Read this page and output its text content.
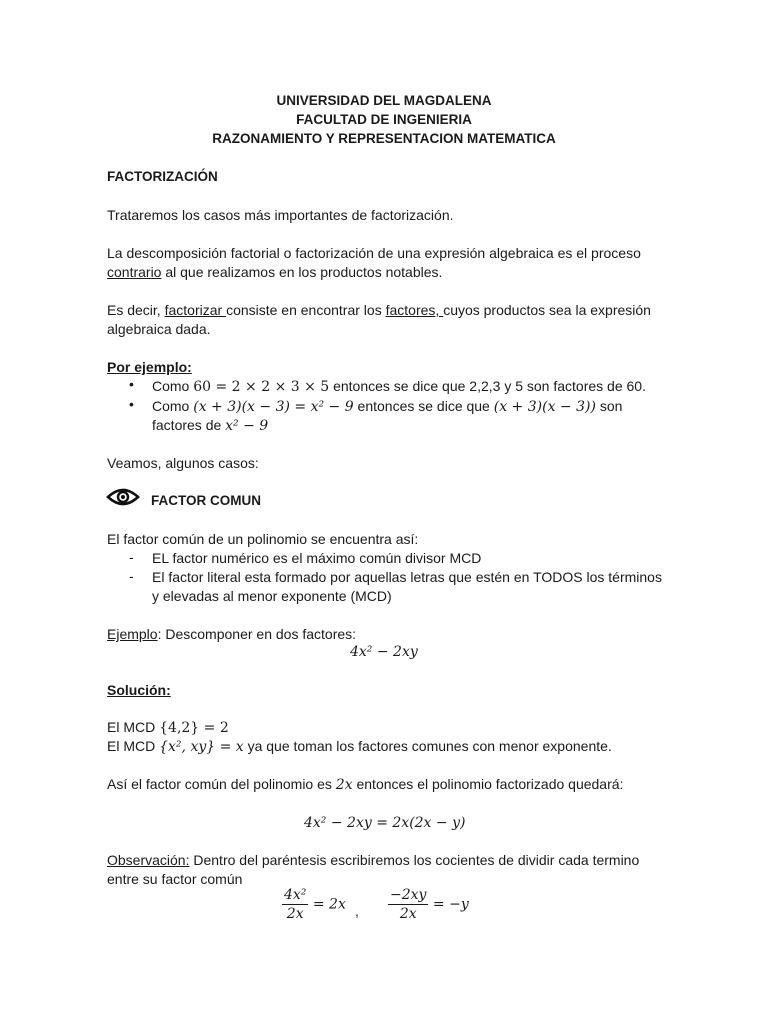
UNIVERSIDAD DEL MAGDALENA
FACULTAD DE INGENIERIA
RAZONAMIENTO Y REPRESENTACION MATEMATICA
FACTORIZACIÓN
Trataremos los casos más importantes de factorización.
La descomposición factorial o factorización de una expresión algebraica es el proceso
contrario al que realizamos en los productos notables.
Es decir, factorizar consiste en encontrar los factores, cuyos productos sea la expresión
algebraica dada.
Por ejemplo:
• Como 60 = 2 × 2 × 3 × 5 entonces se dice que 2,2,3 y 5 son factores de 60.
• Como (x + 3)(x − 3) = x² − 9 entonces se dice que (x + 3)(x − 3)) son
factores de x² − 9
Veamos, algunos casos:
FACTOR COMUN
El factor común de un polinomio se encuentra así:
- EL factor numérico es el máximo común divisor MCD
- El factor literal esta formado por aquellas letras que estén en TODOS los términos
y elevadas al menor exponente (MCD)
Ejemplo: Descomponer en dos factores:
4x² − 2xy
Solución:
El MCD {4,2} = 2
El MCD {x², xy} = x ya que toman los factores comunes con menor exponente.
Así el factor común del polinomio es 2x entonces el polinomio factorizado quedará:
4x² − 2xy = 2x(2x − y)
Observación: Dentro del paréntesis escribiremos los cocientes de dividir cada termino
entre su factor común
$\frac{\text{4x²}}{2x} = 2x$ , $\frac{-2xy}{2x} = -y$
